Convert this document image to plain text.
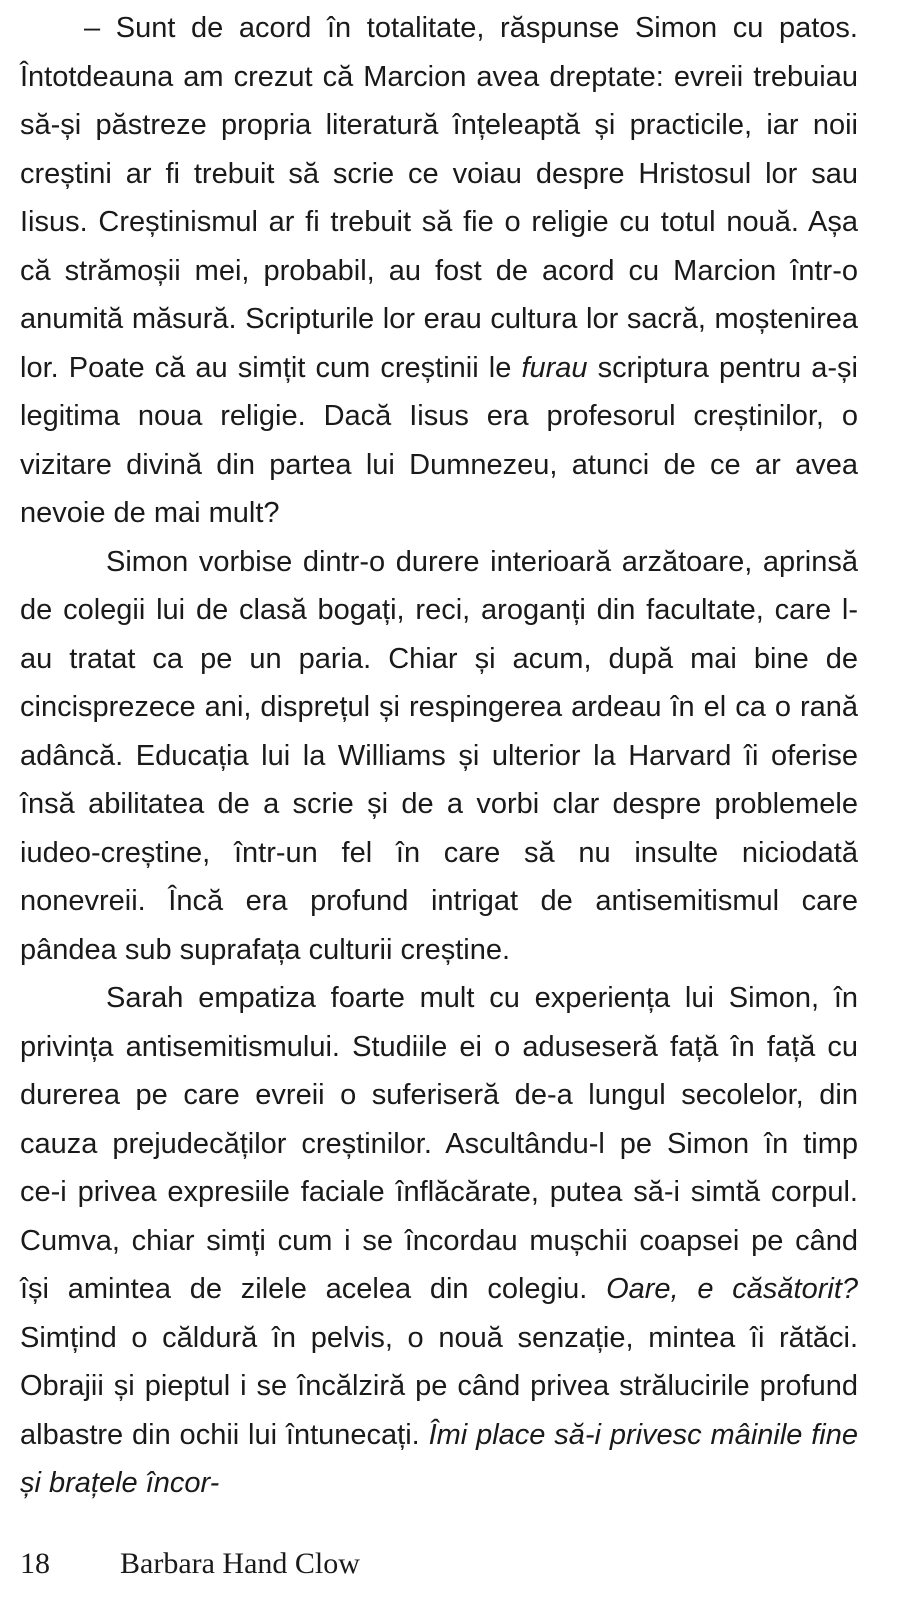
– Sunt de acord în totalitate, răspunse Simon cu patos. Întotdeauna am crezut că Marcion avea dreptate: evreii trebuiau să-și păstreze propria literatură înțeleaptă și practicile, iar noii creștini ar fi trebuit să scrie ce voiau despre Hristosul lor sau Iisus. Creștinismul ar fi trebuit să fie o religie cu totul nouă. Așa că strămoșii mei, probabil, au fost de acord cu Marcion într-o anumită măsură. Scripturile lor erau cultura lor sacră, moștenirea lor. Poate că au simțit cum creștinii le furau scriptura pentru a-și legitima noua religie. Dacă Iisus era profesorul creștinilor, o vizitare divină din partea lui Dumnezeu, atunci de ce ar avea nevoie de mai mult?

Simon vorbise dintr-o durere interioară arzătoare, aprinsă de colegii lui de clasă bogați, reci, aroganți din facultate, care l-au tratat ca pe un paria. Chiar și acum, după mai bine de cincisprezece ani, disprețul și respingerea ardeau în el ca o rană adâncă. Educația lui la Williams și ulterior la Harvard îi oferise însă abilitatea de a scrie și de a vorbi clar despre problemele iudeo-creștine, într-un fel în care să nu insulte niciodată nonevreii. Încă era profund intrigat de antisemitismul care pândea sub suprafața culturii creștine.

Sarah empatiza foarte mult cu experiența lui Simon, în privința antisemitismului. Studiile ei o aduseseră față în față cu durerea pe care evreii o suferiseră de-a lungul secolelor, din cauza prejudecăților creștinilor. Ascultându-l pe Simon în timp ce-i privea expresiile faciale înflăcărate, putea să-i simtă corpul. Cumva, chiar simți cum i se încordau mușchii coapsei pe când își amintea de zilele acelea din colegiu. Oare, e căsătorit? Simțind o căldură în pelvis, o nouă senzație, mintea îi rătăci. Obrajii și pieptul i se încălziră pe când privea strălucirile profund albastre din ochii lui întunecați. Îmi place să-i privesc mâinile fine și brațele încor-

18 Barbara Hand Clow
